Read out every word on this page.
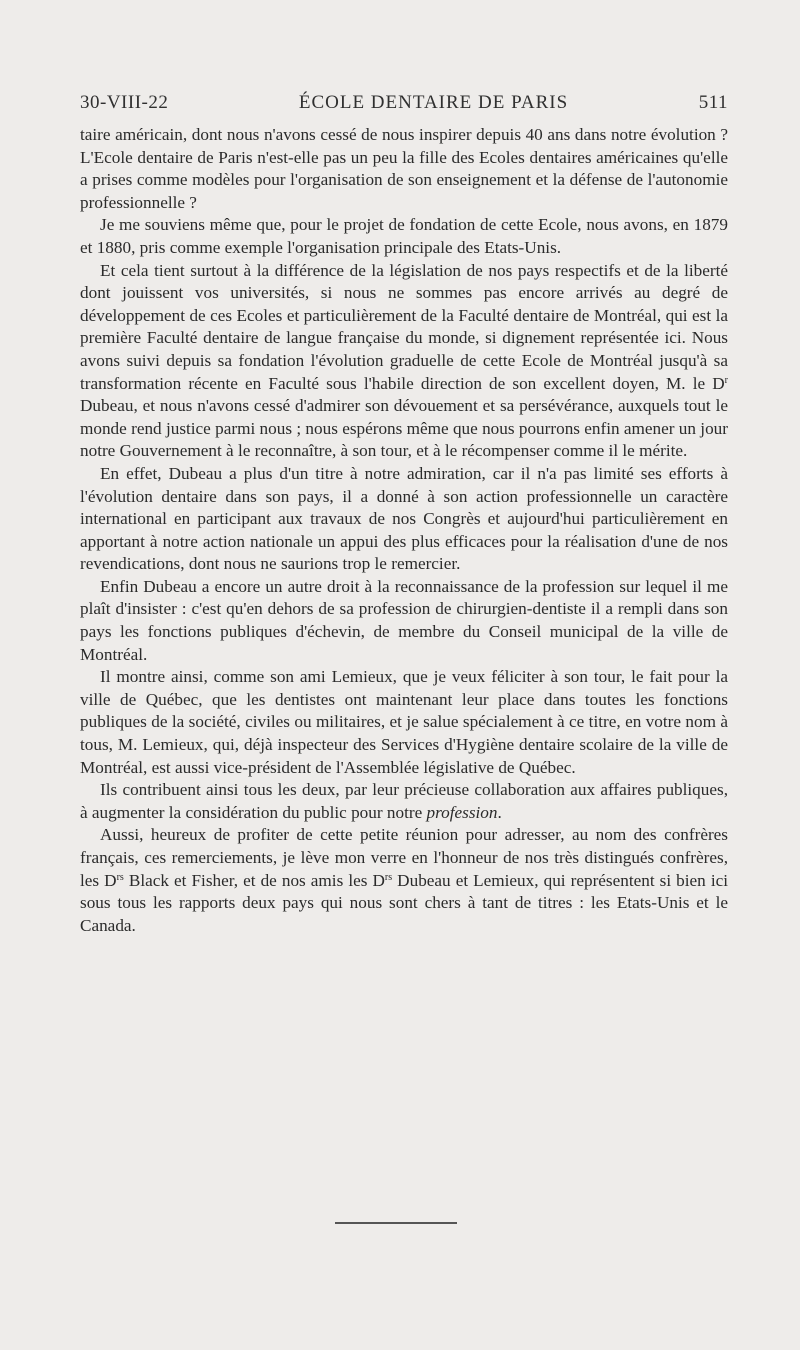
30-VIII-22	ÉCOLE DENTAIRE DE PARIS	511

taire américain, dont nous n'avons cessé de nous inspirer depuis 40 ans dans notre évolution ? L'Ecole dentaire de Paris n'est-elle pas un peu la fille des Ecoles dentaires américaines qu'elle a prises comme modèles pour l'organisation de son enseignement et la défense de l'autonomie professionnelle ?

Je me souviens même que, pour le projet de fondation de cette Ecole, nous avons, en 1879 et 1880, pris comme exemple l'organisation principale des Etats-Unis.

Et cela tient surtout à la différence de la législation de nos pays respectifs et de la liberté dont jouissent vos universités, si nous ne sommes pas encore arrivés au degré de développement de ces Ecoles et particulièrement de la Faculté dentaire de Montréal, qui est la première Faculté dentaire de langue française du monde, si dignement représentée ici. Nous avons suivi depuis sa fondation l'évolution graduelle de cette Ecole de Montréal jusqu'à sa transformation récente en Faculté sous l'habile direction de son excellent doyen, M. le $D^r$ Dubeau, et nous n'avons cessé d'admirer son dévouement et sa persévérance, auxquels tout le monde rend justice parmi nous ; nous espérons même que nous pourrons enfin amener un jour notre Gouvernement à le reconnaître, à son tour, et à le récompenser comme il le mérite.

En effet, Dubeau a plus d'un titre à notre admiration, car il n'a pas limité ses efforts à l'évolution dentaire dans son pays, il a donné à son action professionnelle un caractère international en participant aux travaux de nos Congrès et aujourd'hui particulièrement en apportant à notre action nationale un appui des plus efficaces pour la réalisation d'une de nos revendications, dont nous ne saurions trop le remercier.

Enfin Dubeau a encore un autre droit à la reconnaissance de la profession sur lequel il me plaît d'insister : c'est qu'en dehors de sa profession de chirurgien-dentiste il a rempli dans son pays les fonctions publiques d'échevin, de membre du Conseil municipal de la ville de Montréal.

Il montre ainsi, comme son ami Lemieux, que je veux féliciter à son tour, le fait pour la ville de Québec, que les dentistes ont maintenant leur place dans toutes les fonctions publiques de la société, civiles ou militaires, et je salue spécialement à ce titre, en votre nom à tous, M. Lemieux, qui, déjà inspecteur des Services d'Hygiène dentaire scolaire de la ville de Montréal, est aussi vice-président de l'Assemblée législative de Québec.

Ils contribuent ainsi tous les deux, par leur précieuse collaboration aux affaires publiques, à augmenter la considération du public pour notre profession.

Aussi, heureux de profiter de cette petite réunion pour adresser, au nom des confrères français, ces remerciements, je lève mon verre en l'honneur de nos très distingués confrères, les $D^{rs}$ Black et Fisher, et de nos amis les $D^{rs}$ Dubeau et Lemieux, qui représentent si bien ici sous tous les rapports deux pays qui nous sont chers à tant de titres : les Etats-Unis et le Canada.
